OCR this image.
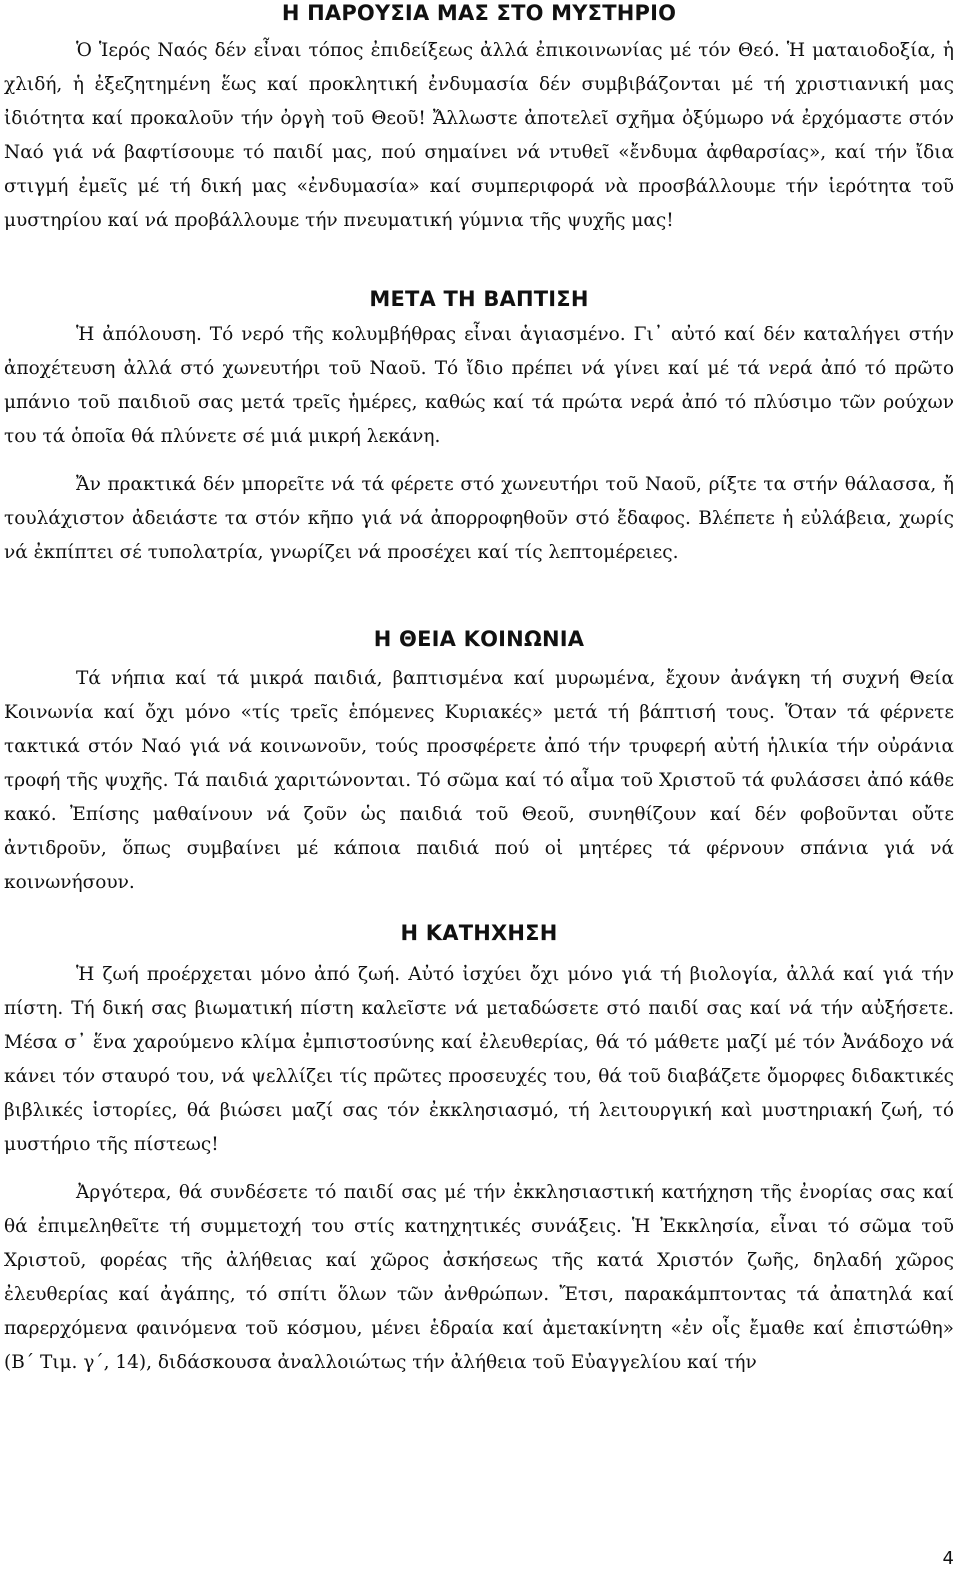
Η ΠΑΡΟΥΣΙΑ ΜΑΣ ΣΤΟ ΜΥΣΤΗΡΙΟ

Ὁ Ἱερός Ναός δέν εἶναι τόπος ἐπιδείξεως ἀλλά ἐπικοινωνίας μέ τόν Θεό. Ἡ ματαιοδοξία, ἡ χλιδή, ἡ ἐξεζητημένη ἕως καί προκλητική ἐνδυμασία δέν συμβιβάζονται μέ τή χριστιανική μας ἰδιότητα καί προκαλοῦν τήν ὀργὴ τοῦ Θεοῦ! Ἄλλωστε ἀποτελεῖ σχῆμα ὀξύμωρο νά ἐρχόμαστε στόν Ναό γιά νά βαφτίσουμε τό παιδί μας, πού σημαίνει νά ντυθεῖ «ἔνδυμα ἀφθαρσίας», καί τήν ἴδια στιγμή ἐμεῖς μέ τή δική μας «ἐνδυμασία» καί συμπεριφορά νὰ προσβάλλουμε τήν ἱερότητα τοῦ μυστηρίου καί νά προβάλλουμε τήν πνευματική γύμνια τῆς ψυχῆς μας!

ΜΕΤΑ ΤΗ ΒΑΠΤΙΣΗ

Ἡ ἀπόλουση. Τό νερό τῆς κολυμβήθρας εἶναι ἁγιασμένο. Γι᾽ αὐτό καί δέν καταλήγει στήν ἀποχέτευση ἀλλά στό χωνευτήρι τοῦ Ναοῦ. Τό ἴδιο πρέπει νά γίνει καί μέ τά νερά ἀπό τό πρῶτο μπάνιο τοῦ παιδιοῦ σας μετά τρεῖς ἡμέρες, καθώς καί τά πρώτα νερά ἀπό τό πλύσιμο τῶν ρούχων του τά ὁποῖα θά πλύνετε σέ μιά μικρή λεκάνη.

Ἄν πρακτικά δέν μπορεῖτε νά τά φέρετε στό χωνευτήρι τοῦ Ναοῦ, ρίξτε τα στήν θάλασσα, ἤ τουλάχιστον ἀδειάστε τα στόν κῆπο γιά νά ἀπορροφηθοῦν στό ἔδαφος. Βλέπετε ἡ εὐλάβεια, χωρίς νά ἐκπίπτει σέ τυπολατρία, γνωρίζει νά προσέχει καί τίς λεπτομέρειες.

Η ΘΕΙΑ ΚΟΙΝΩΝΙΑ

Τά νήπια καί τά μικρά παιδιά, βαπτισμένα καί μυρωμένα, ἔχουν ἀνάγκη τή συχνή Θεία Κοινωνία καί ὄχι μόνο «τίς τρεῖς ἑπόμενες Κυριακές» μετά τή βάπτισή τους. Ὅταν τά φέρνετε τακτικά στόν Ναό γιά νά κοινωνοῦν, τούς προσφέρετε ἀπό τήν τρυφερή αὐτή ἡλικία τήν οὐράνια τροφή τῆς ψυχῆς. Τά παιδιά χαριτώνονται. Τό σῶμα καί τό αἷμα τοῦ Χριστοῦ τά φυλάσσει ἀπό κάθε κακό. Ἐπίσης μαθαίνουν νά ζοῦν ὡς παιδιά τοῦ Θεοῦ, συνηθίζουν καί δέν φοβοῦνται οὔτε ἀντιδροῦν, ὅπως συμβαίνει μέ κάποια παιδιά πού οἱ μητέρες τά φέρνουν σπάνια γιά νά κοινωνήσουν.

Η ΚΑΤΗΧΗΣΗ

Ἡ ζωή προέρχεται μόνο ἀπό ζωή. Αὐτό ἰσχύει ὄχι μόνο γιά τή βιολογία, ἀλλά καί γιά τήν πίστη. Τή δική σας βιωματική πίστη καλεῖστε νά μεταδώσετε στό παιδί σας καί νά τήν αὐξήσετε. Μέσα σ᾽ ἕνα χαρούμενο κλίμα ἐμπιστοσύνης καί ἐλευθερίας, θά τό μάθετε μαζί μέ τόν Ἀνάδοχο νά κάνει τόν σταυρό του, νά ψελλίζει τίς πρῶτες προσευχές του, θά τοῦ διαβάζετε ὄμορφες διδακτικές βιβλικές ἱστορίες, θά βιώσει μαζί σας τόν ἐκκλησιασμό, τή λειτουργική καὶ μυστηριακή ζωή, τό μυστήριο τῆς πίστεως!

Ἀργότερα, θά συνδέσετε τό παιδί σας μέ τήν ἐκκλησιαστική κατήχηση τῆς ἐνορίας σας καί θά ἐπιμεληθεῖτε τή συμμετοχή του στίς κατηχητικές συνάξεις. Ἡ Ἐκκλησία, εἶναι τό σῶμα τοῦ Χριστοῦ, φορέας τῆς ἀλήθειας καί χῶρος ἀσκήσεως τῆς κατά Χριστόν ζωῆς, δηλαδή χῶρος ἐλευθερίας καί ἀγάπης, τό σπίτι ὅλων τῶν ἀνθρώπων. Ἔτσι, παρακάμπτοντας τά ἀπατηλά καί παρερχόμενα φαινόμενα τοῦ κόσμου, μένει ἑδραία καί ἀμετακίνητη «ἐν οἷς ἔμαθε καί ἐπιστώθη» (Β΄ Τιμ. γ΄, 14), διδάσκουσα ἀναλλοιώτως τήν ἀλήθεια τοῦ Εὐαγγελίου καί τήν

4
